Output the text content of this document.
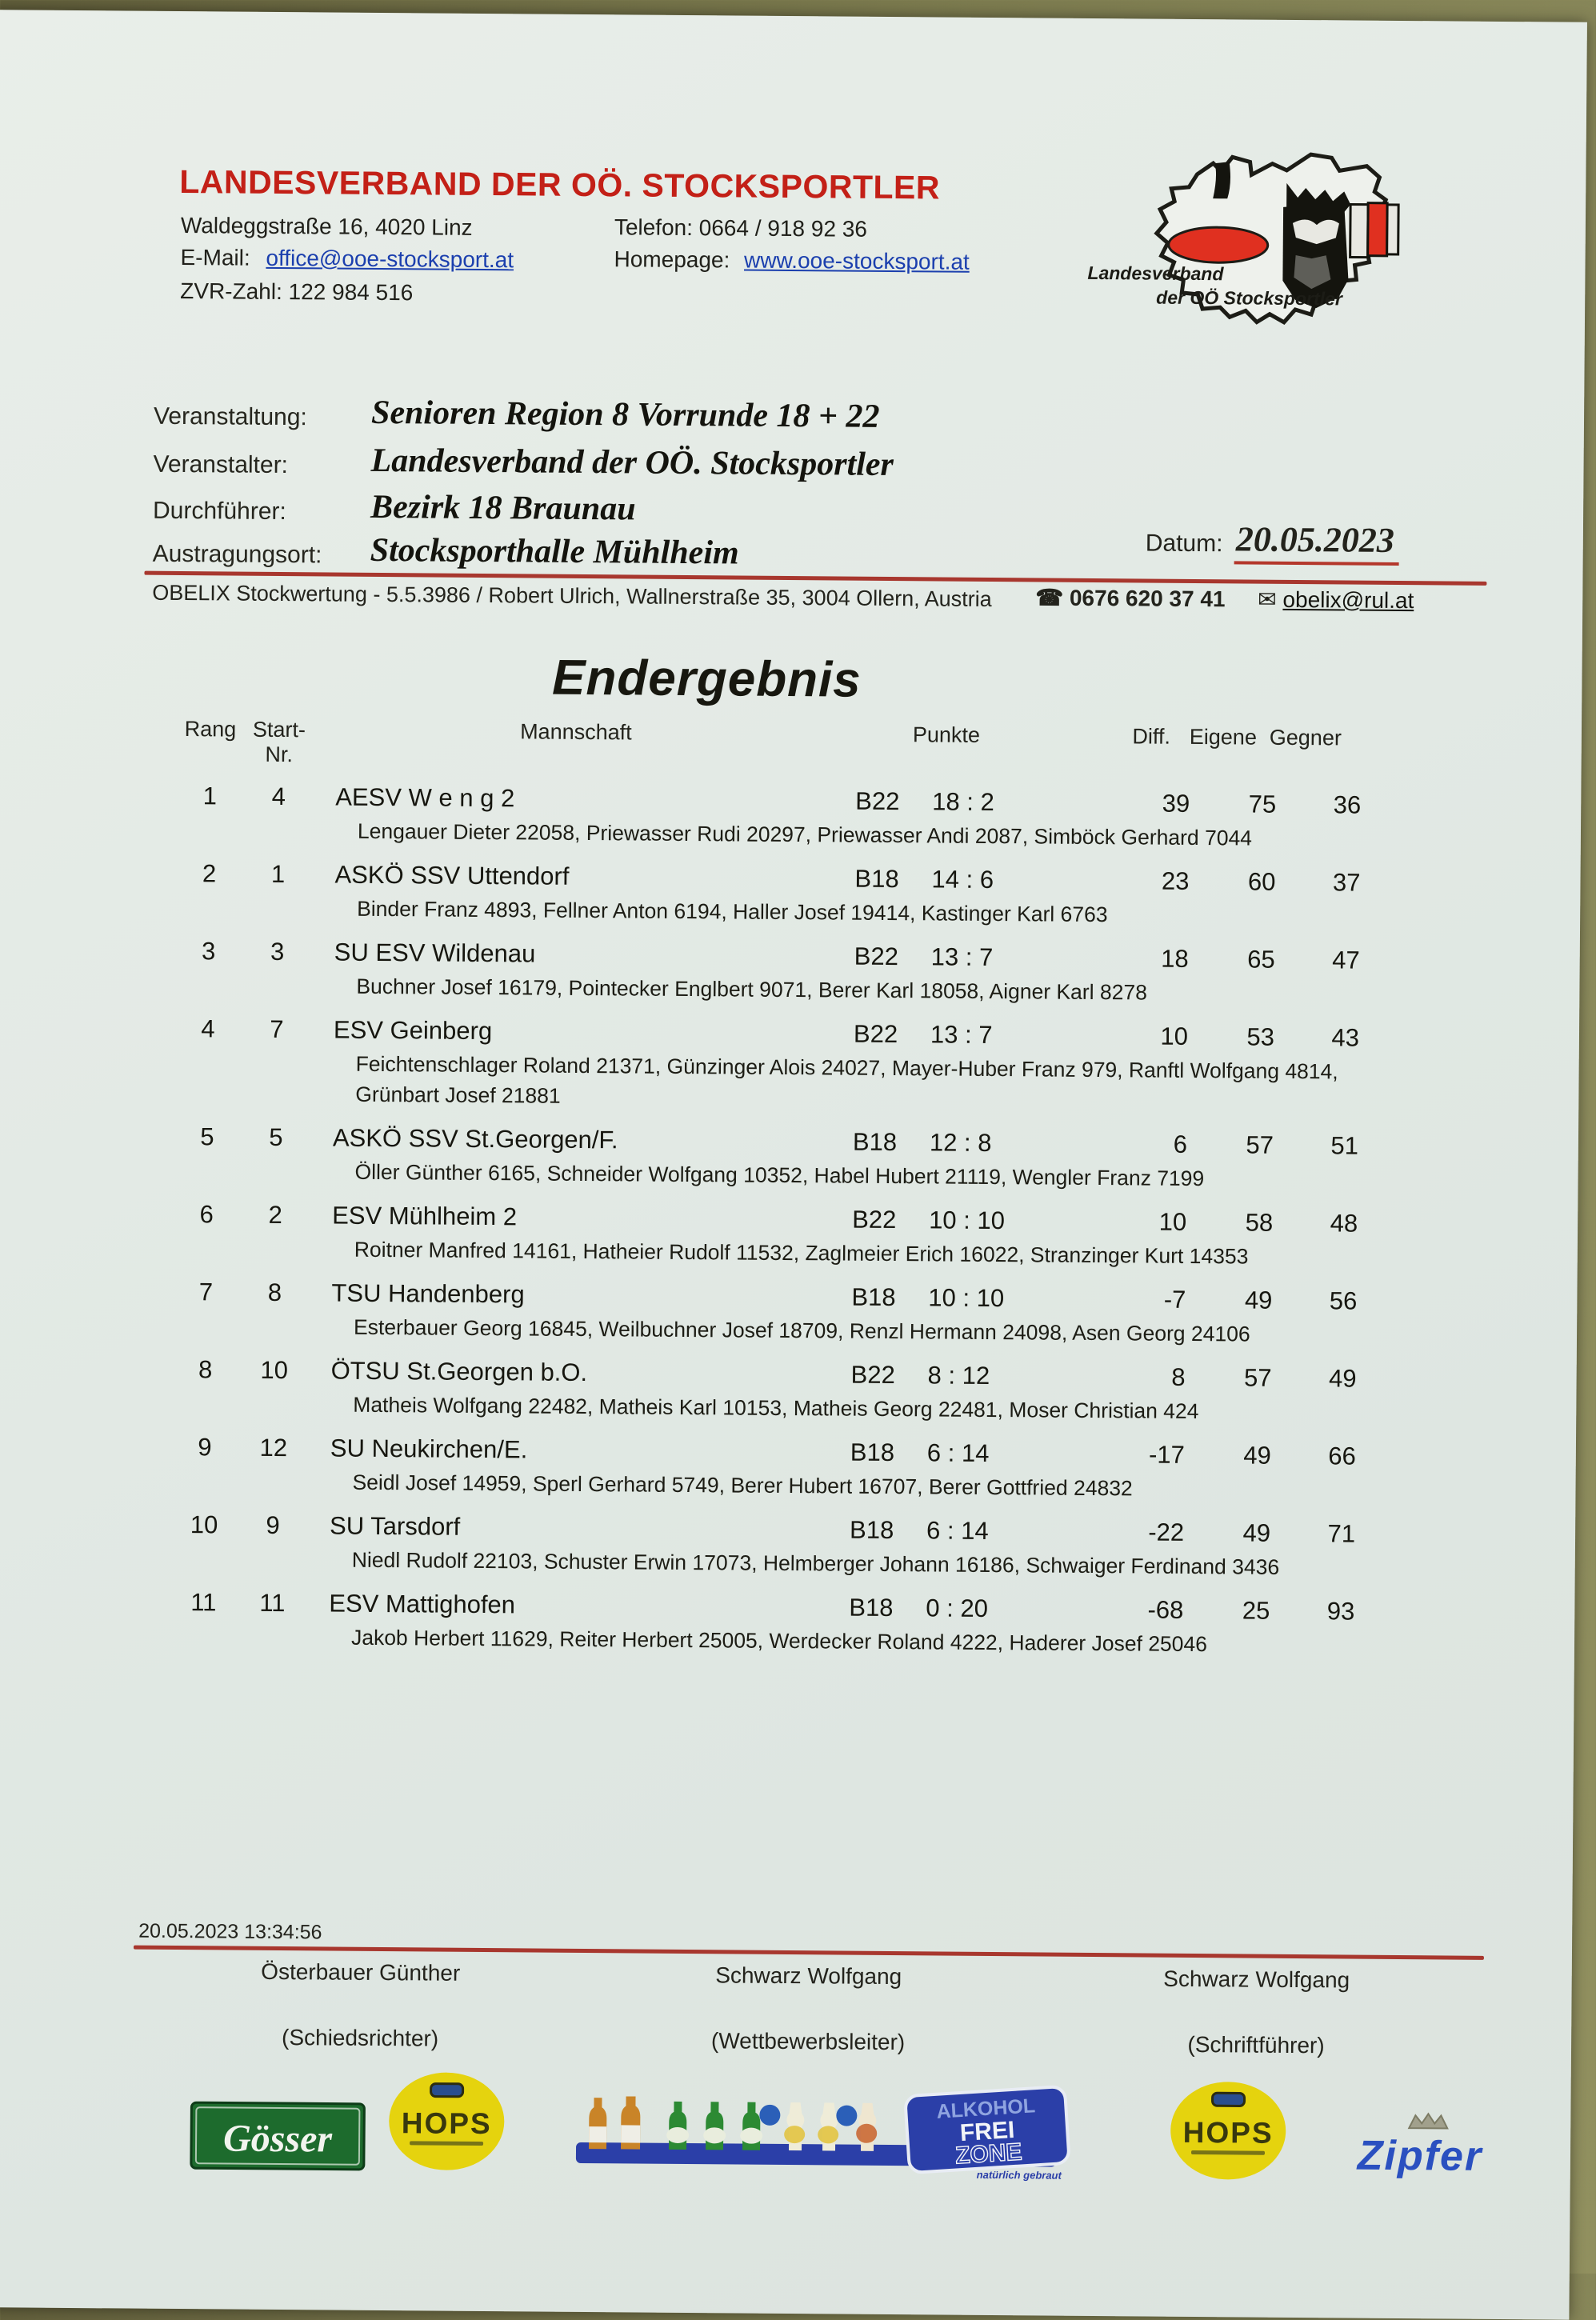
LANDESVERBAND DER OÖ. STOCKSPORTLER
Waldeggstraße 16, 4020 Linz	Telefon: 0664 / 918 92 36
E-Mail: office@ooe-stocksport.at	Homepage: www.ooe-stocksport.at
ZVR-Zahl: 122 984 516
Landesverband
der OÖ Stocksportler
Veranstaltung: Senioren Region 8 Vorrunde 18 + 22
Veranstalter: Landesverband der OÖ. Stocksportler
Durchführer:	Bezirk 18 Braunau
Austragungsort: Stocksporthalle Mühlheim	Datum: 20.05.2023
OBELIX Stockwertung - 5.5.3986 / Robert Ulrich, Wallnerstraße 35, 3004 Ollern, Austria ☎ 0676 620 37 41 ✉ obelix@rul.at
Endergebnis
Rang Start-Nr.
Mannschaft	Punkte	Diff. Eigene Gegner
1	4	AESV W e n g 2	B22	18 : 2	39	75	36
Lengauer Dieter 22058, Priewasser Rudi 20297, Priewasser Andi 2087, Simböck Gerhard 7044
2	1	ASKÖ SSV Uttendorf	B18	14 : 6	23	60	37
Binder Franz 4893, Fellner Anton 6194, Haller Josef 19414, Kastinger Karl 6763
3	3	SU ESV Wildenau	B22	13 : 7	18	65	47
Buchner Josef 16179, Pointecker Englbert 9071, Berer Karl 18058, Aigner Karl 8278
4	7	ESV Geinberg	B22	13 : 7	10	53	43
Feichtenschlager Roland 21371, Günzinger Alois 24027, Mayer-Huber Franz 979, Ranftl Wolfgang 4814,
Grünbart Josef 21881
5	5	ASKÖ SSV St.Georgen/F.	B18	12 : 8	6	57	51
Öller Günther 6165, Schneider Wolfgang 10352, Habel Hubert 21119, Wengler Franz 7199
6	2	ESV Mühlheim 2	B22	10 : 10	10	58	48
Roitner Manfred 14161, Hatheier Rudolf 11532, Zaglmeier Erich 16022, Stranzinger Kurt 14353
7	8	TSU Handenberg	B18	10 : 10	-7	49	56
Esterbauer Georg 16845, Weilbuchner Josef 18709, Renzl Hermann 24098, Asen Georg 24106
8	10	ÖTSU St.Georgen b.O.	B22	8 : 12	8	57	49
Matheis Wolfgang 22482, Matheis Karl 10153, Matheis Georg 22481, Moser Christian 424
9	12	SU Neukirchen/E.	B18	6 : 14	-17	49	66
Seidl Josef 14959, Sperl Gerhard 5749, Berer Hubert 16707, Berer Gottfried 24832
10	9	SU Tarsdorf	B18	6 : 14	-22	49	71
Niedl Rudolf 22103, Schuster Erwin 17073, Helmberger Johann 16186, Schwaiger Ferdinand 3436
11	11	ESV Mattighofen	B18	0 : 20	-68	25	93
Jakob Herbert 11629, Reiter Herbert 25005, Werdecker Roland 4222, Haderer Josef 25046
20.05.2023 13:34:56
Österbauer Günther
(Schiedsrichter)
Schwarz Wolfgang
(Wettbewerbsleiter)
Schwarz Wolfgang
(Schriftführer)
Gösser HOPS	ALKOHOL
FREI
ZONE
natürlich gebraut
HOPS Zipfer
